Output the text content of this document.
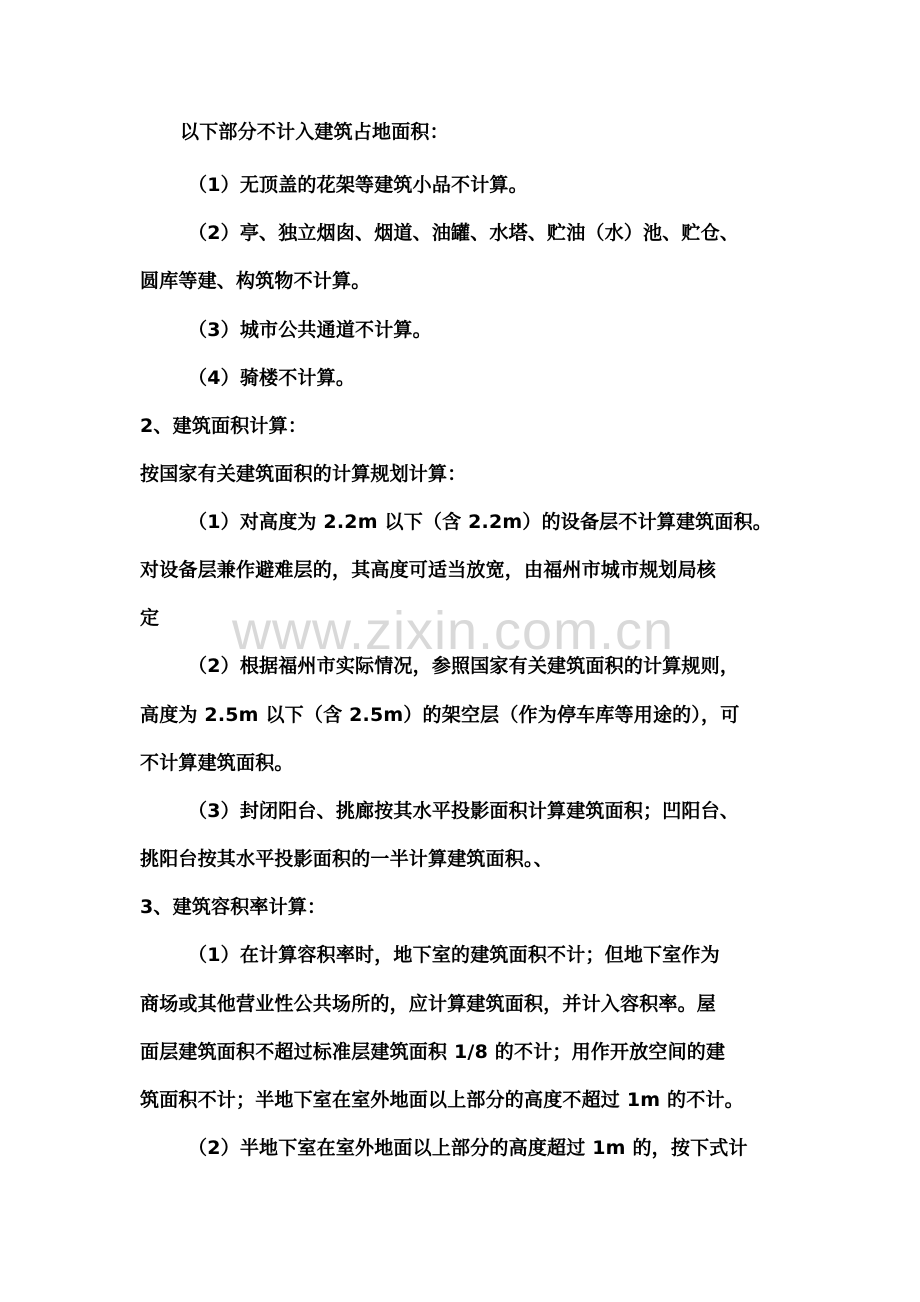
www.zixin.com.cn
以下部分不计入建筑占地面积：
（1）无顶盖的花架等建筑小品不计算。
（2）亭、独立烟囱、烟道、油罐、水塔、贮油（水）池、贮仓、
圆库等建、构筑物不计算。
（3）城市公共通道不计算。
（4）骑楼不计算。
2、建筑面积计算：
按国家有关建筑面积的计算规划计算：
（1）对高度为 2.2m 以下（含 2.2m）的设备层不计算建筑面积。
对设备层兼作避难层的，其高度可适当放宽，由福州市城市规划局核
定
（2）根据福州市实际情况，参照国家有关建筑面积的计算规则，
高度为 2.5m 以下（含 2.5m）的架空层（作为停车库等用途的），可
不计算建筑面积。
（3）封闭阳台、挑廊按其水平投影面积计算建筑面积；凹阳台、
挑阳台按其水平投影面积的一半计算建筑面积。、
3、建筑容积率计算：
（1）在计算容积率时，地下室的建筑面积不计；但地下室作为
商场或其他营业性公共场所的，应计算建筑面积，并计入容积率。屋
面层建筑面积不超过标准层建筑面积 1/8 的不计；用作开放空间的建
筑面积不计；半地下室在室外地面以上部分的高度不超过 1m 的不计。
（2）半地下室在室外地面以上部分的高度超过 1m 的，按下式计
